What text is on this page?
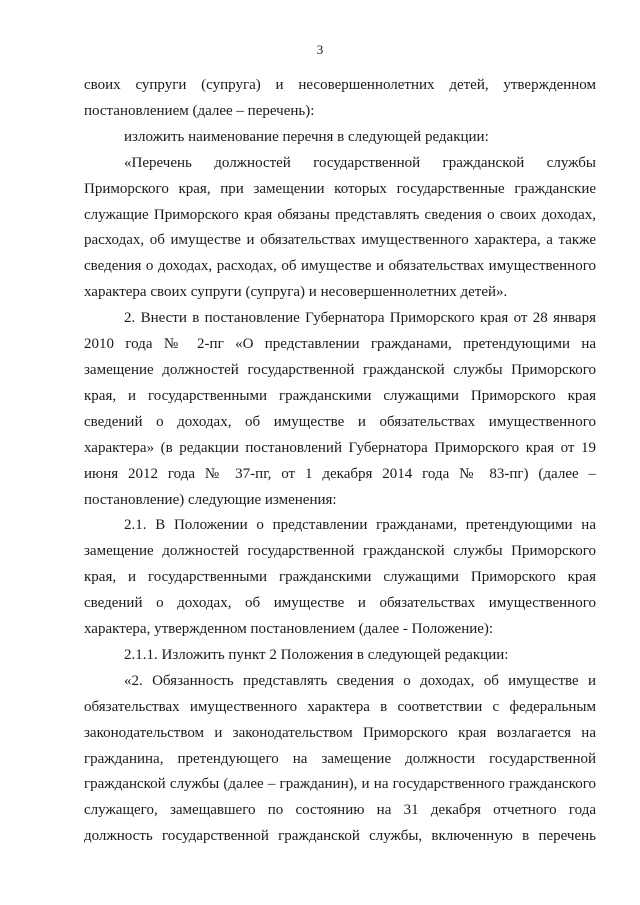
3

своих супруги (супруга) и несовершеннолетних детей, утвержденном постановлением (далее – перечень):

изложить наименование перечня в следующей редакции:

«Перечень должностей государственной гражданской службы Приморского края, при замещении которых государственные гражданские служащие Приморского края обязаны представлять сведения о своих доходах, расходах, об имуществе и обязательствах имущественного характера, а также сведения о доходах, расходах, об имуществе и обязательствах имущественного характера своих супруги (супруга) и несовершеннолетних детей».

2. Внести в постановление Губернатора Приморского края от 28 января 2010 года № 2-пг «О представлении гражданами, претендующими на замещение должностей государственной гражданской службы Приморского края, и государственными гражданскими служащими Приморского края сведений о доходах, об имуществе и обязательствах имущественного характера» (в редакции постановлений Губернатора Приморского края от 19 июня 2012 года № 37-пг, от 1 декабря 2014 года № 83-пг) (далее – постановление) следующие изменения:

2.1. В Положении о представлении гражданами, претендующими на замещение должностей государственной гражданской службы Приморского края, и государственными гражданскими служащими Приморского края сведений о доходах, об имуществе и обязательствах имущественного характера, утвержденном постановлением (далее - Положение):

2.1.1. Изложить пункт 2 Положения в следующей редакции:

«2. Обязанность представлять сведения о доходах, об имуществе и обязательствах имущественного характера в соответствии с федеральным законодательством и законодательством Приморского края возлагается на гражданина, претендующего на замещение должности государственной гражданской службы (далее – гражданин), и на государственного гражданского служащего, замещавшего по состоянию на 31 декабря отчетного года должность государственной гражданской службы, включенную в перечень
